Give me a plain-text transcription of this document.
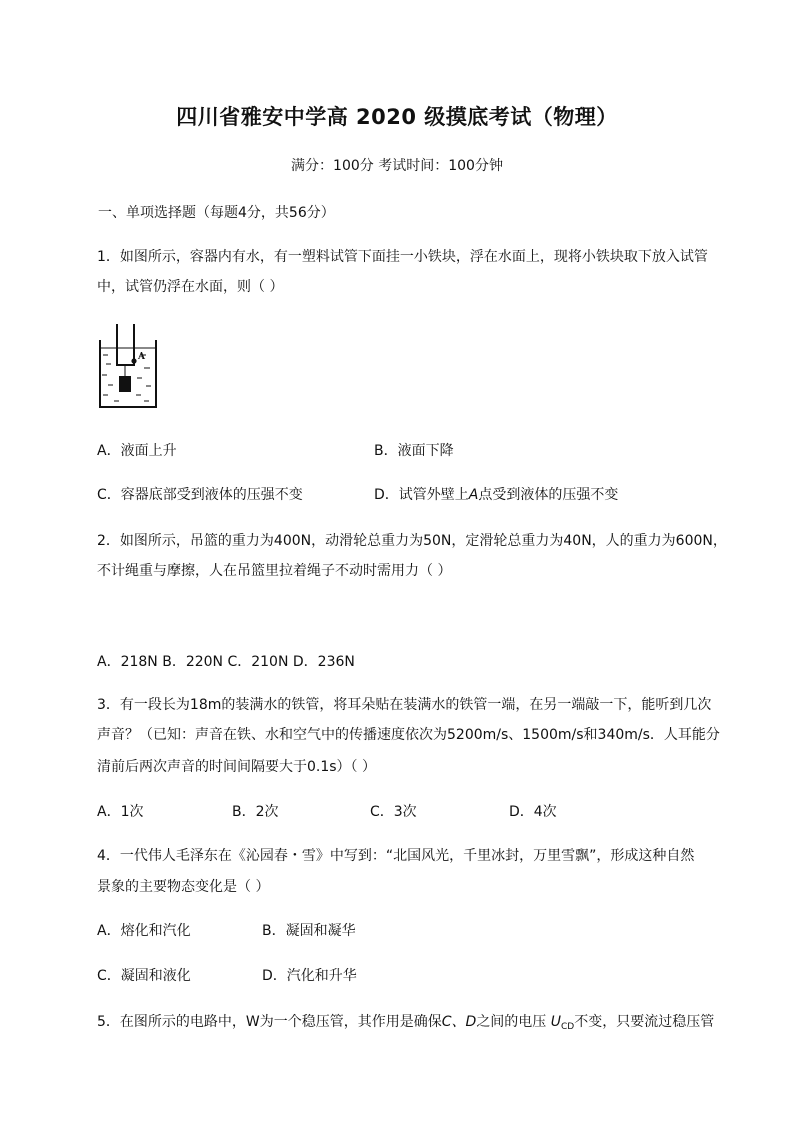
四川省雅安中学高 2020 级摸底考试（物理）
满分：100分 考试时间：100分钟
一、单项选择题（每题4分，共56分）
1．如图所示，容器内有水，有一塑料试管下面挂一小铁块，浮在水面上，现将小铁块取下放入试管
中，试管仍浮在水面，则（ ）
A
A．液面上升	B．液面下降
C．容器底部受到液体的压强不变	D．试管外壁上A点受到液体的压强不变
2．如图所示，吊篮的重力为400N，动滑轮总重力为50N，定滑轮总重力为40N，人的重力为600N，
不计绳重与摩擦，人在吊篮里拉着绳子不动时需用力（ ）
A．218N B．220N C．210N D．236N
3．有一段长为18m的装满水的铁管，将耳朵贴在装满水的铁管一端，在另一端敲一下，能听到几次
声音？（已知：声音在铁、水和空气中的传播速度依次为5200m/s、1500m/s和340m/s．人耳能分
清前后两次声音的时间间隔要大于0.1s）（ ）
A．1次	B．2次	C．3次	D．4次
4．一代伟人毛泽东在《沁园春・雪》中写到：“北国风光，千里冰封，万里雪飘”，形成这种自然
景象的主要物态变化是（ ）
A．熔化和汽化	B．凝固和凝华
C．凝固和液化	D．汽化和升华
5．在图所示的电路中，W为一个稳压管，其作用是确保C、D之间的电压 $U_{CD}$不变，只要流过稳压管
